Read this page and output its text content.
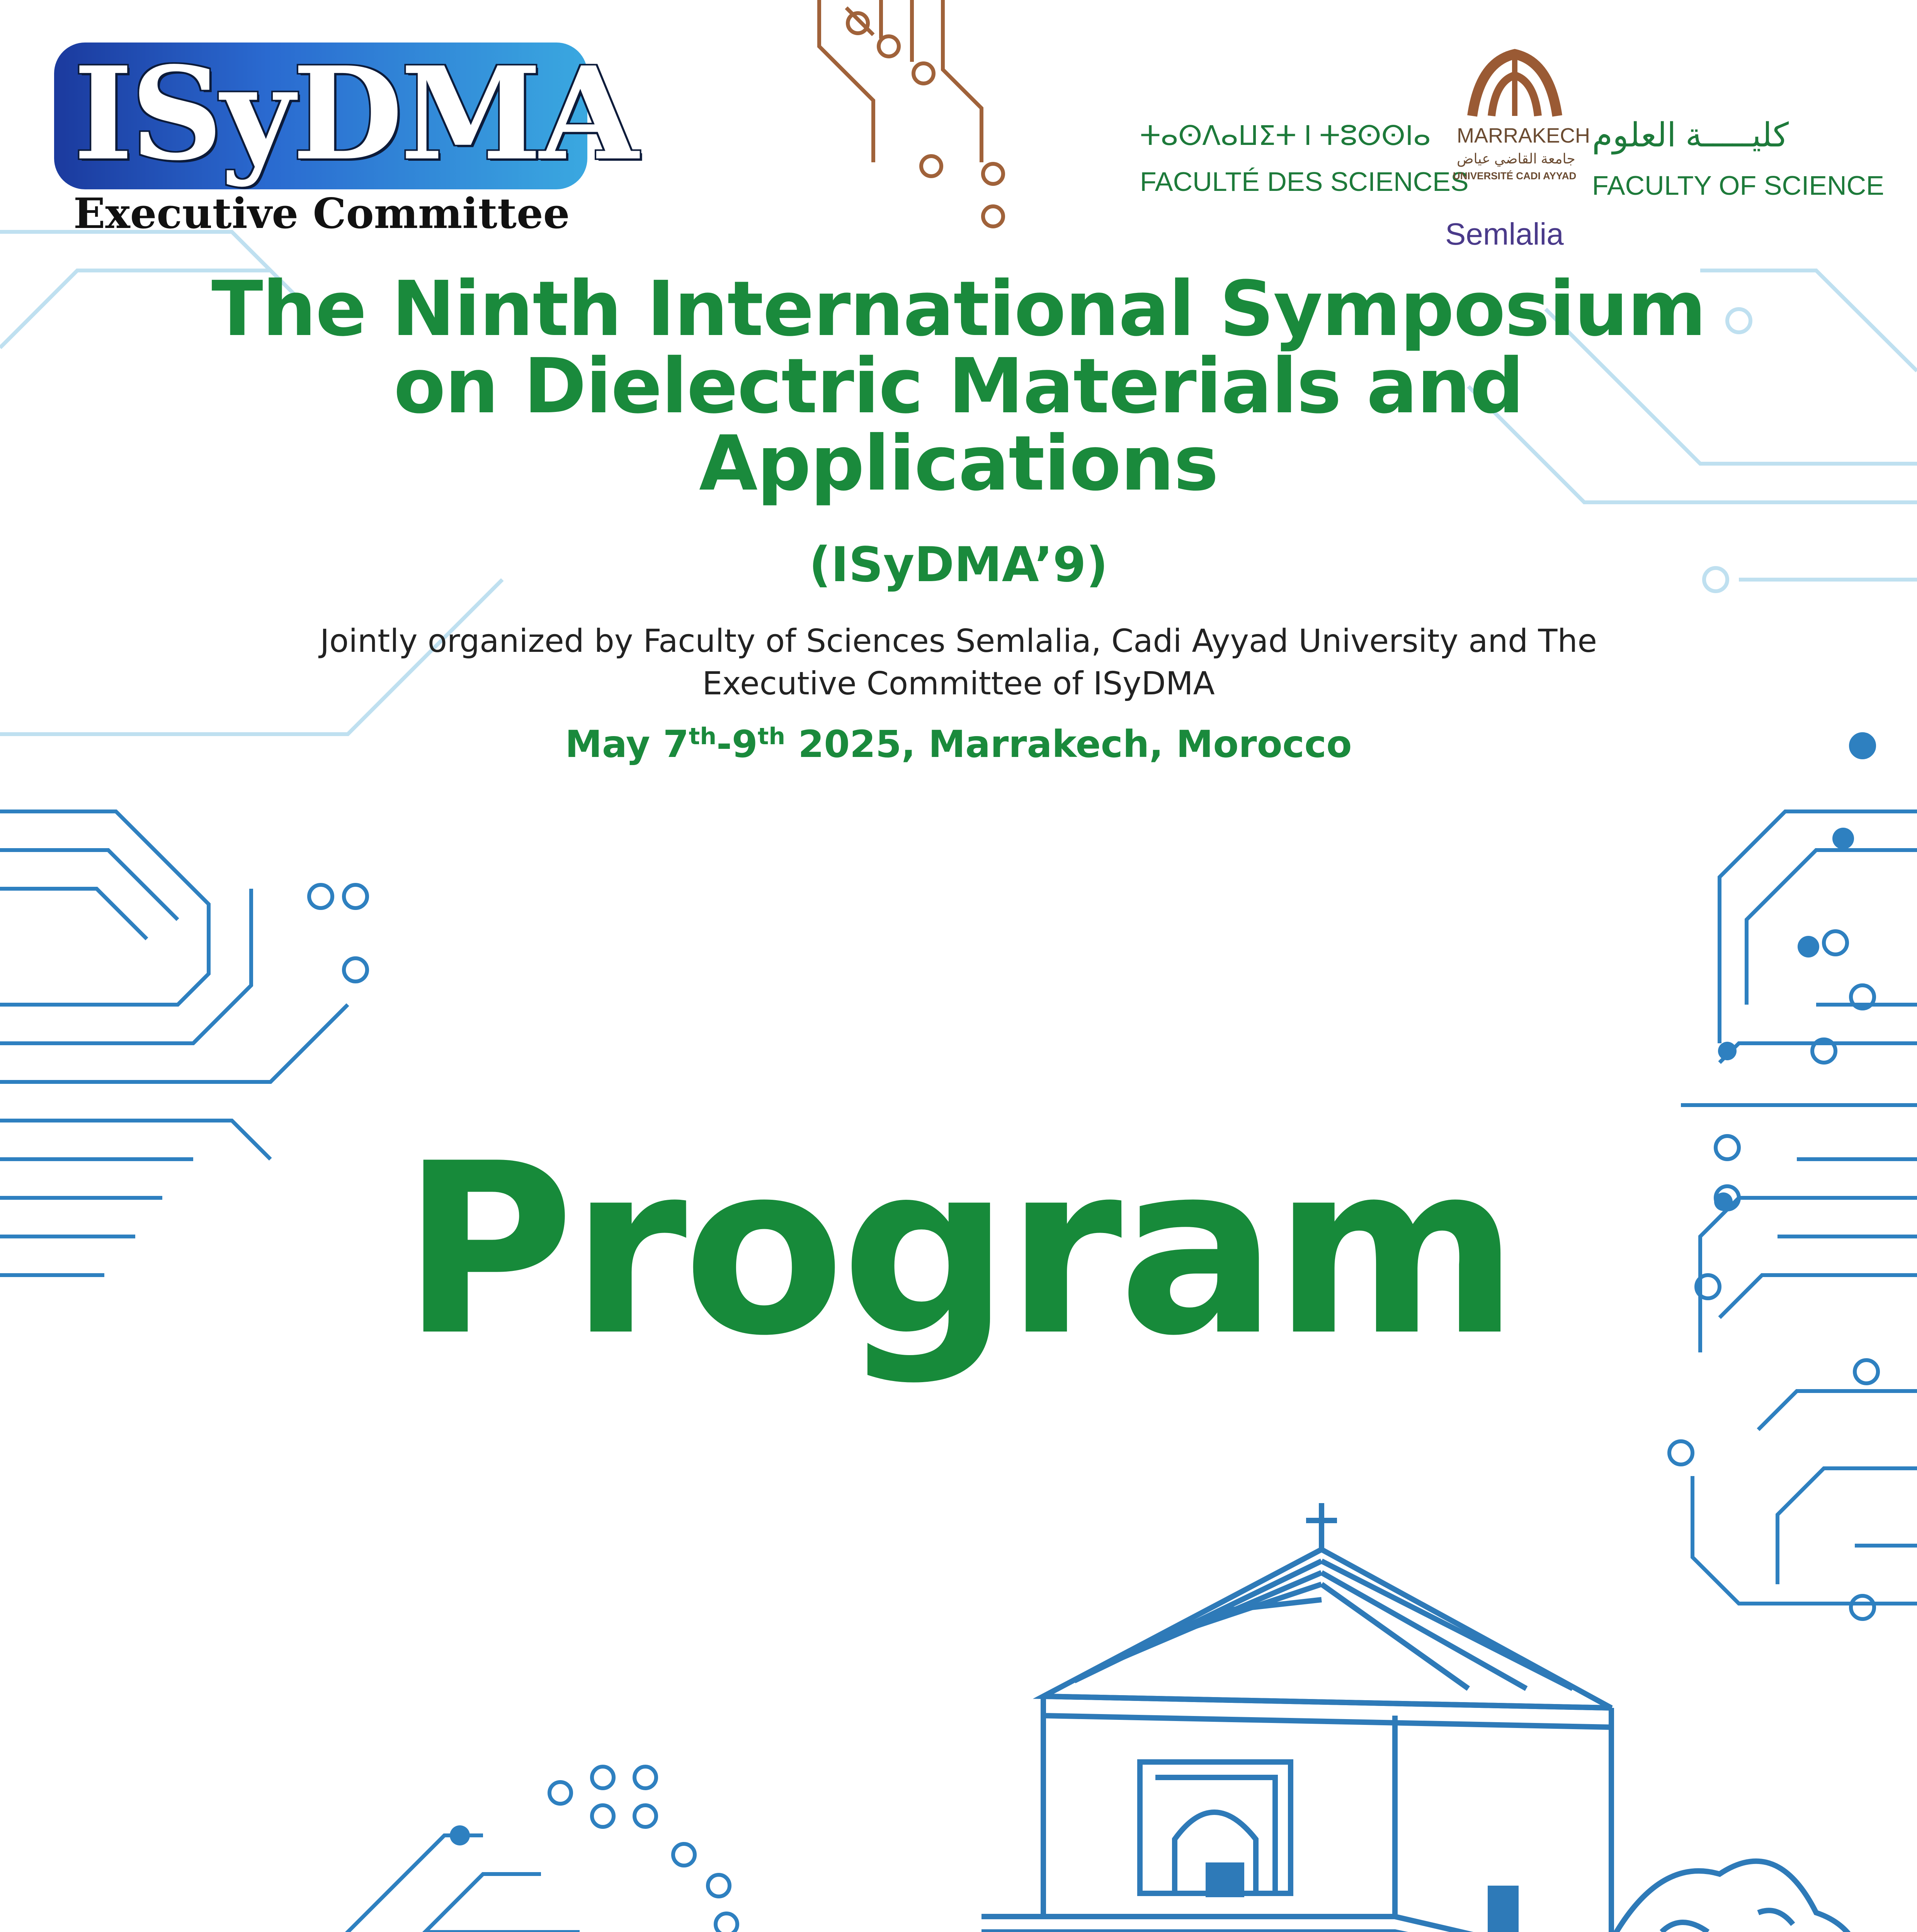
ISyDMA
Executive Committee
ⵜⴰⵙⴷⴰⵡⵉⵜ ⵏ ⵜⵓⵙⵙⵏⴰ
FACULTÉ DES SCIENCES
كليـــــة العلوم
FACULTY OF SCIENCE
MARRAKECH
جامعة القاضي عياض
UNIVERSITÉ CADI AYYAD
Semlalia
The Ninth International Symposium
on Dielectric Materials and
Applications
(ISyDMA’9)
Jointly organized by Faculty of Sciences Semlalia, Cadi Ayyad University and The
Executive Committee of ISyDMA
May 7th-9th 2025, Marrakech, Morocco
Program
